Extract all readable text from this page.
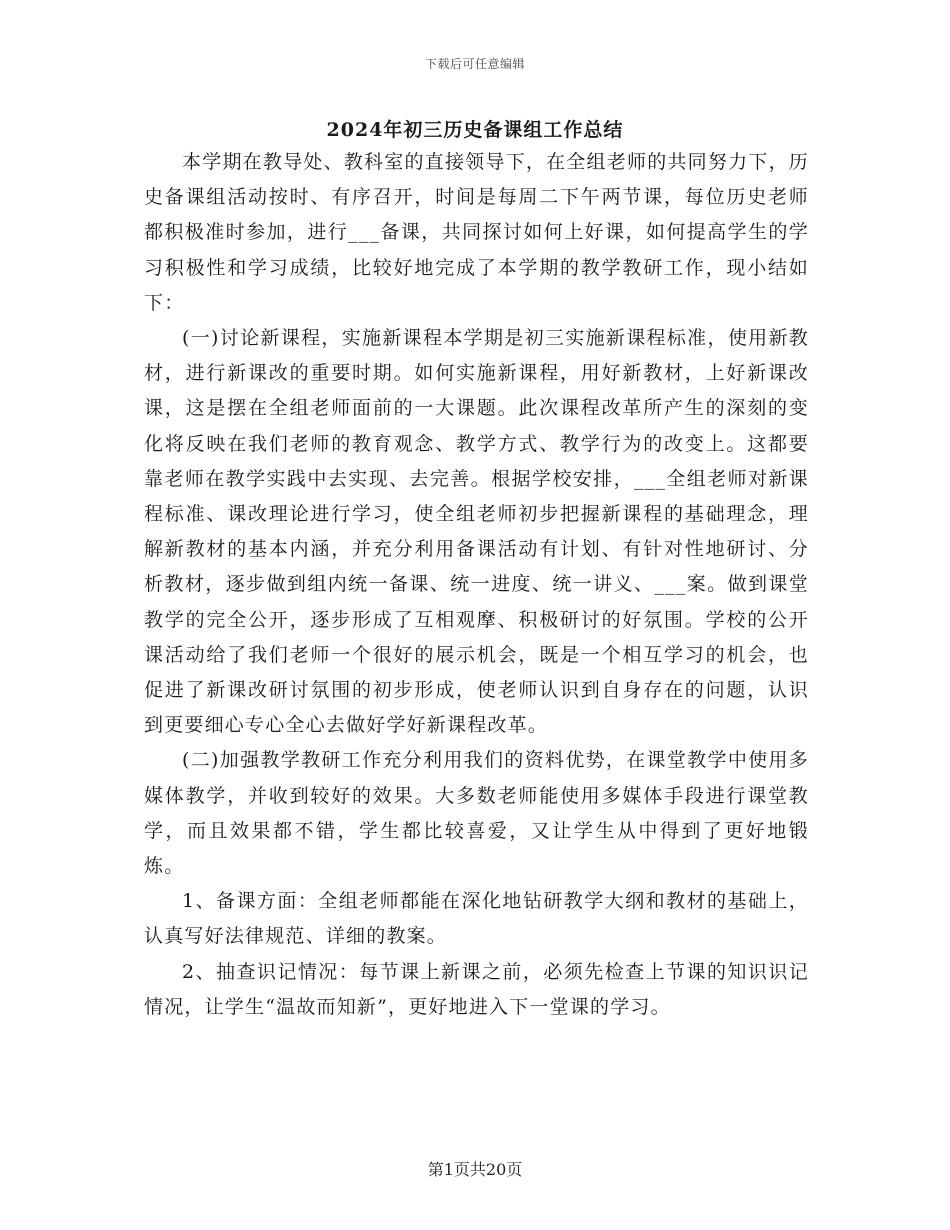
下载后可任意编辑
2024年初三历史备课组工作总结

本学期在教导处、教科室的直接领导下，在全组老师的共同努力下，历史备课组活动按时、有序召开，时间是每周二下午两节课，每位历史老师都积极准时参加，进行___备课，共同探讨如何上好课，如何提高学生的学习积极性和学习成绩，比较好地完成了本学期的教学教研工作，现小结如下：

(一)讨论新课程，实施新课程本学期是初三实施新课程标准，使用新教材，进行新课改的重要时期。如何实施新课程，用好新教材，上好新课改课，这是摆在全组老师面前的一大课题。此次课程改革所产生的深刻的变化将反映在我们老师的教育观念、教学方式、教学行为的改变上。这都要靠老师在教学实践中去实现、去完善。根据学校安排，___全组老师对新课程标准、课改理论进行学习，使全组老师初步把握新课程的基础理念，理解新教材的基本内涵，并充分利用备课活动有计划、有针对性地研讨、分析教材，逐步做到组内统一备课、统一进度、统一讲义、___案。做到课堂教学的完全公开，逐步形成了互相观摩、积极研讨的好氛围。学校的公开课活动给了我们老师一个很好的展示机会，既是一个相互学习的机会，也促进了新课改研讨氛围的初步形成，使老师认识到自身存在的问题，认识到更要细心专心全心去做好学好新课程改革。

(二)加强教学教研工作充分利用我们的资料优势，在课堂教学中使用多媒体教学，并收到较好的效果。大多数老师能使用多媒体手段进行课堂教学，而且效果都不错，学生都比较喜爱，又让学生从中得到了更好地锻炼。

1、备课方面：全组老师都能在深化地钻研教学大纲和教材的基础上，认真写好法律规范、详细的教案。

2、抽查识记情况：每节课上新课之前，必须先检查上节课的知识识记情况，让学生“温故而知新”，更好地进入下一堂课的学习。

第1页共20页
